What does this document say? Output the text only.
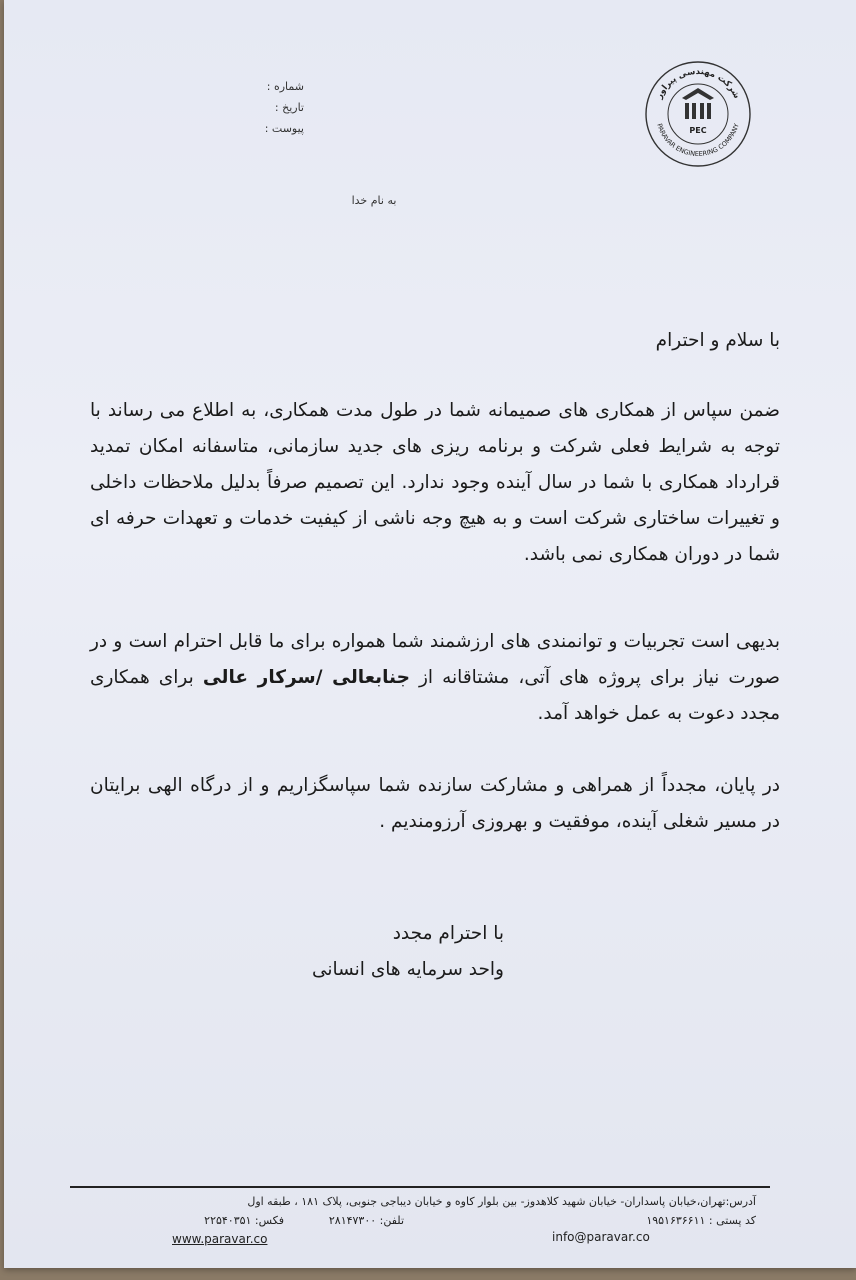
شرکت مهندسی پیراور
PARAVAR ENGINEERING COMPANY
PEC
شماره :
تاریخ :
پیوست :
به نام خدا
با سلام و احترام
ضمن سپاس از همکاری های صمیمانه شما در طول مدت همکاری، به اطلاع می رساند با توجه به شرایط فعلی شرکت و برنامه ریزی های جدید سازمانی، متاسفانه امکان تمدید قرارداد همکاری با شما در سال آینده وجود ندارد. این تصمیم صرفاً بدلیل ملاحظات داخلی و تغییرات ساختاری شرکت است و به هیچ وجه ناشی از کیفیت خدمات و تعهدات حرفه ای شما در دوران همکاری نمی باشد.
بدیهی است تجربیات و توانمندی های ارزشمند شما همواره برای ما قابل احترام است و در صورت نیاز برای پروژه های آتی، مشتاقانه از جنابعالی /سرکار عالی برای همکاری مجدد دعوت به عمل خواهد آمد.
در پایان، مجدداً از همراهی و مشارکت سازنده شما سپاسگزاریم و از درگاه الهی برایتان در مسیر شغلی آینده، موفقیت و بهروزی آرزومندیم .
با احترام مجدد
واحد سرمایه های انسانی
آدرس:تهران،خیابان پاسداران- خیابان شهید کلاهدوز- بین بلوار کاوه و خیابان دیباجی جنوبی، پلاک ۱۸۱ ، طبقه اول
کد پستی : ۱۹۵۱۶۳۶۶۱۱
تلفن: ۲۸۱۴۷۳۰۰
فکس: ۲۲۵۴۰۳۵۱
www.paravar.co	info@paravar.co
